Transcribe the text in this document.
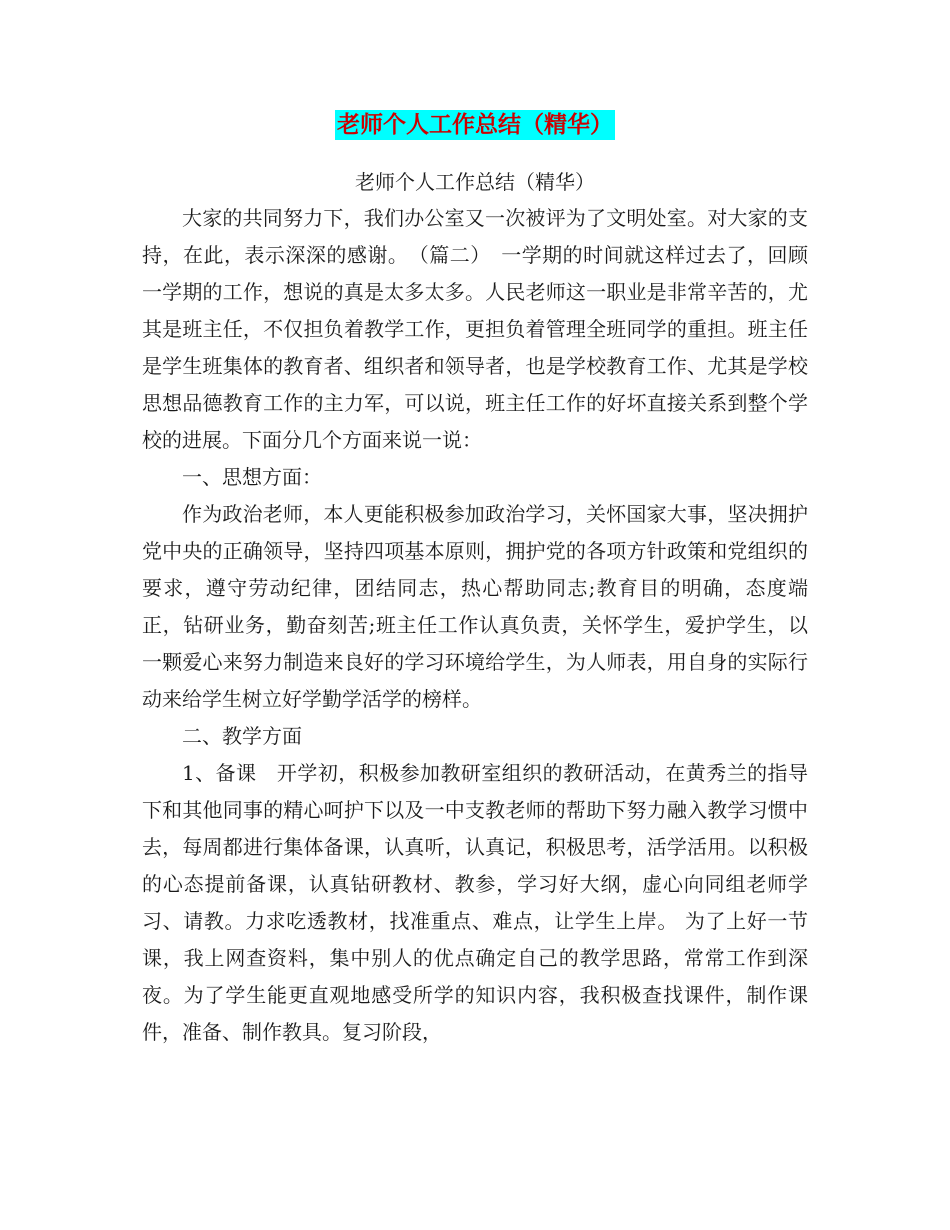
老师个人工作总结（精华）
老师个人工作总结（精华）

大家的共同努力下，我们办公室又一次被评为了文明处室。对大家的支持，在此，表示深深的感谢。　（篇二）　一学期的时间就这样过去了，回顾一学期的工作，想说的真是太多太多。人民老师这一职业是非常辛苦的，尤其是班主任，不仅担负着教学工作，更担负着管理全班同学的重担。班主任是学生班集体的教育者、组织者和领导者，也是学校教育工作、尤其是学校思想品德教育工作的主力军，可以说，班主任工作的好坏直接关系到整个学校的进展。下面分几个方面来说一说：

一、思想方面：

作为政治老师，本人更能积极参加政治学习，关怀国家大事，坚决拥护党中央的正确领导，坚持四项基本原则，拥护党的各项方针政策和党组织的要求，遵守劳动纪律，团结同志，热心帮助同志;教育目的明确，态度端正，钻研业务，勤奋刻苦;班主任工作认真负责，关怀学生，爱护学生，以一颗爱心来努力制造来良好的学习环境给学生，为人师表，用自身的实际行动来给学生树立好学勤学活学的榜样。

二、教学方面

1、备课　开学初，积极参加教研室组织的教研活动，在黄秀兰的指导下和其他同事的精心呵护下以及一中支教老师的帮助下努力融入教学习惯中去，每周都进行集体备课，认真听，认真记，积极思考，活学活用。以积极的心态提前备课，认真钻研教材、教参，学习好大纲，虚心向同组老师学习、请教。力求吃透教材，找准重点、难点，让学生上岸。 为了上好一节课，我上网查资料，集中别人的优点确定自己的教学思路，常常工作到深夜。为了学生能更直观地感受所学的知识内容，我积极查找课件，制作课件，准备、制作教具。复习阶段，
